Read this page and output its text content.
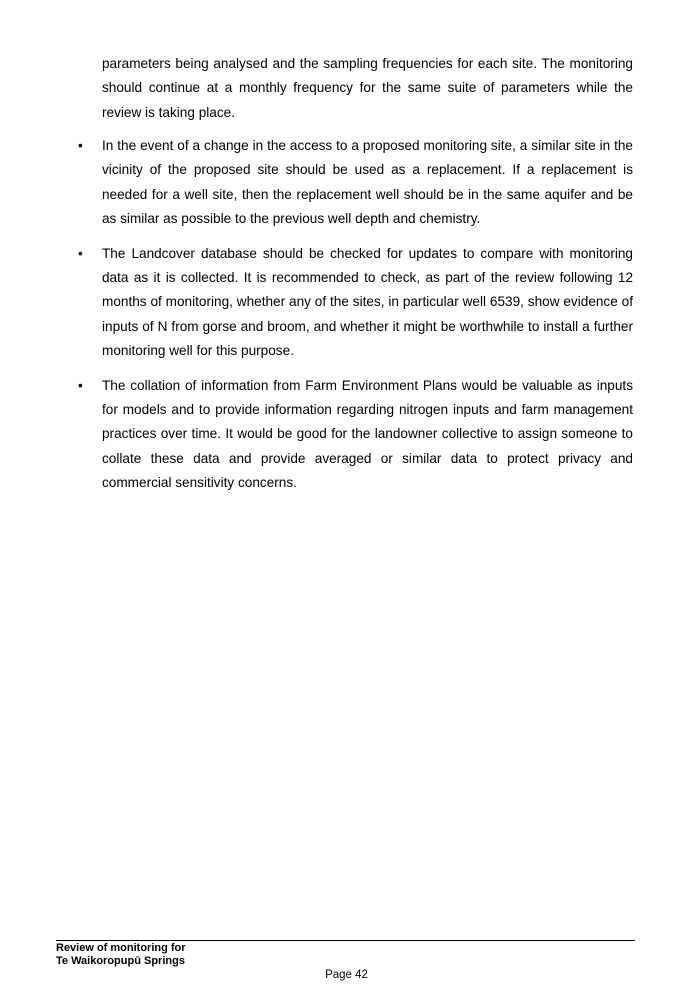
parameters being analysed and the sampling frequencies for each site. The monitoring should continue at a monthly frequency for the same suite of parameters while the review is taking place.

• In the event of a change in the access to a proposed monitoring site, a similar site in the vicinity of the proposed site should be used as a replacement. If a replacement is needed for a well site, then the replacement well should be in the same aquifer and be as similar as possible to the previous well depth and chemistry.
• The Landcover database should be checked for updates to compare with monitoring data as it is collected. It is recommended to check, as part of the review following 12 months of monitoring, whether any of the sites, in particular well 6539, show evidence of inputs of N from gorse and broom, and whether it might be worthwhile to install a further monitoring well for this purpose.
• The collation of information from Farm Environment Plans would be valuable as inputs for models and to provide information regarding nitrogen inputs and farm management practices over time. It would be good for the landowner collective to assign someone to collate these data and provide averaged or similar data to protect privacy and commercial sensitivity concerns.
Review of monitoring for
Te Waikoropupū Springs
Page 42
